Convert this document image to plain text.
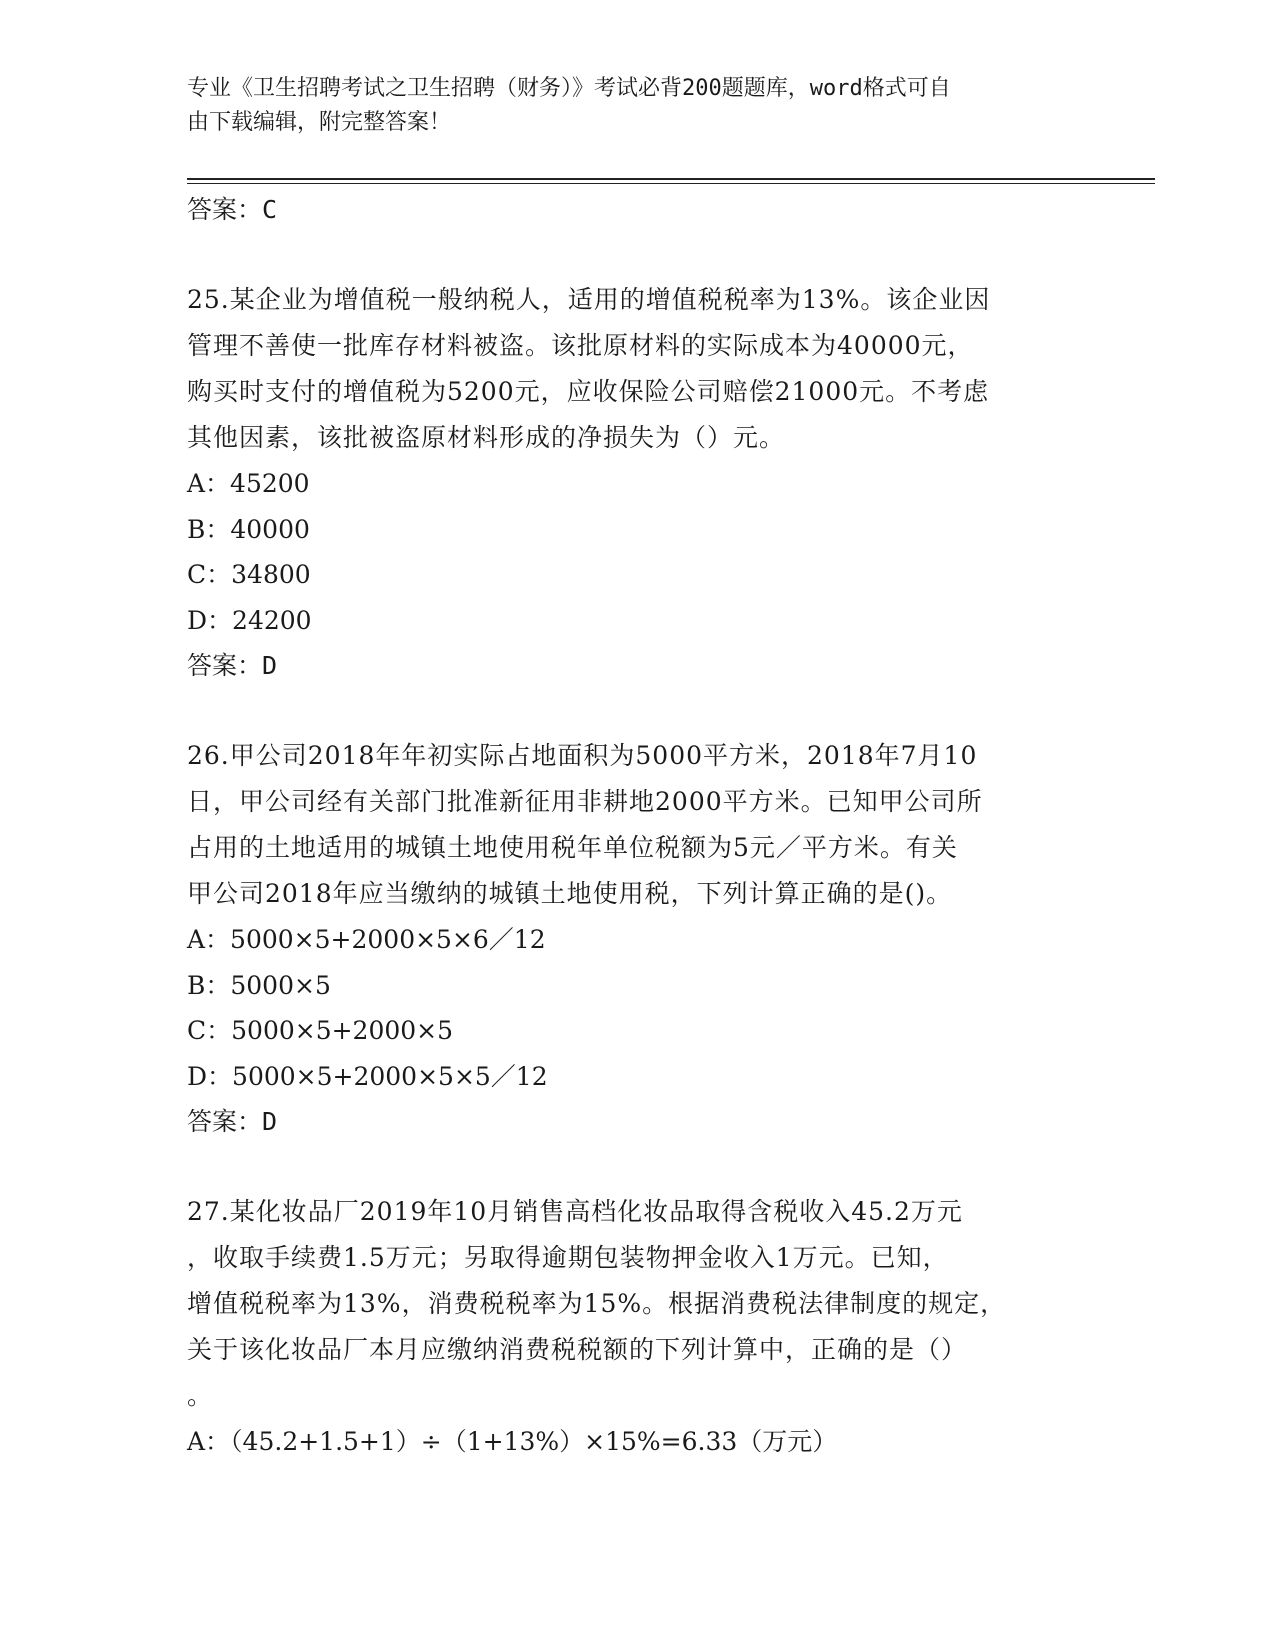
专业《卫生招聘考试之卫生招聘（财务）》考试必背200题题库，word格式可自
由下载编辑，附完整答案！

答案：C

25.某企业为增值税一般纳税人，适用的增值税税率为13%。该企业因

管理不善使一批库存材料被盗。该批原材料的实际成本为40000元，

购买时支付的增值税为5200元，应收保险公司赔偿21000元。不考虑

其他因素，该批被盗原材料形成的净损失为（）元。

A：45200

B：40000

C：34800

D：24200

答案：D

26.甲公司2018年年初实际占地面积为5000平方米，2018年7月10

日，甲公司经有关部门批准新征用非耕地2000平方米。已知甲公司所

占用的土地适用的城镇土地使用税年单位税额为5元／平方米。有关

甲公司2018年应当缴纳的城镇土地使用税，下列计算正确的是()。

A：5000×5+2000×5×6／12

B：5000×5

C：5000×5+2000×5

D：5000×5+2000×5×5／12

答案：D

27.某化妆品厂2019年10月销售高档化妆品取得含税收入45.2万元

，收取手续费1.5万元；另取得逾期包装物押金收入1万元。已知，

增值税税率为13%，消费税税率为15%。根据消费税法律制度的规定，

关于该化妆品厂本月应缴纳消费税税额的下列计算中，正确的是（）

。

A：（45.2+1.5+1）÷（1+13%）×15%=6.33（万元）
